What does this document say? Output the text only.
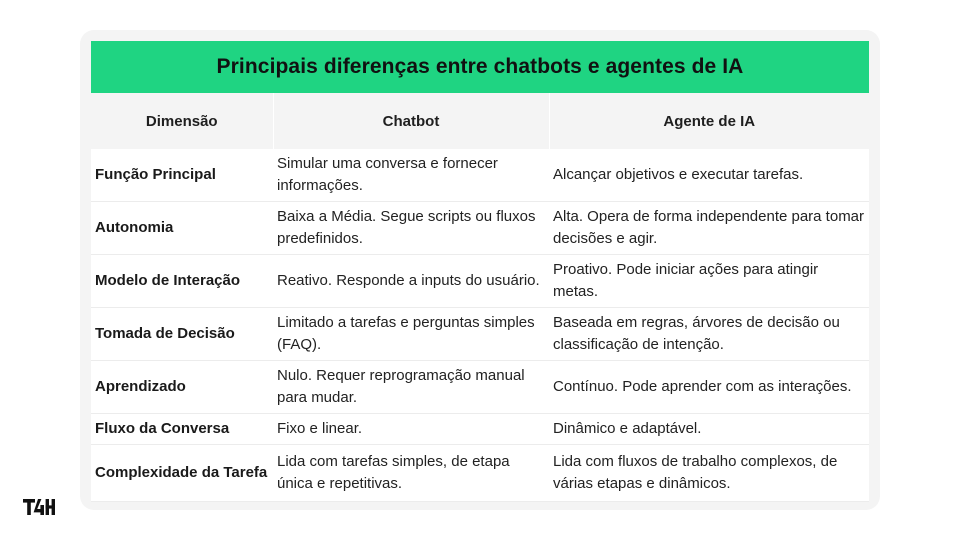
Principais diferenças entre chatbots e agentes de IA
Dimensão	Chatbot	Agente de IA
Função Principal	Simular uma conversa e fornecer informações.	Alcançar objetivos e executar tarefas.
Autonomia	Baixa a Média. Segue scripts ou fluxos predefinidos.	Alta. Opera de forma independente para tomar decisões e agir.
Modelo de Interação	Reativo. Responde a inputs do usuário.	Proativo. Pode iniciar ações para atingir metas.
Tomada de Decisão	Limitado a tarefas e perguntas simples (FAQ).	Baseada em regras, árvores de decisão ou classificação de intenção.
Aprendizado	Nulo. Requer reprogramação manual para mudar.	Contínuo. Pode aprender com as interações.
Fluxo da Conversa	Fixo e linear.	Dinâmico e adaptável.
Complexidade da Tarefa	Lida com tarefas simples, de etapa única e repetitivas.	Lida com fluxos de trabalho complexos, de várias etapas e dinâmicos.
